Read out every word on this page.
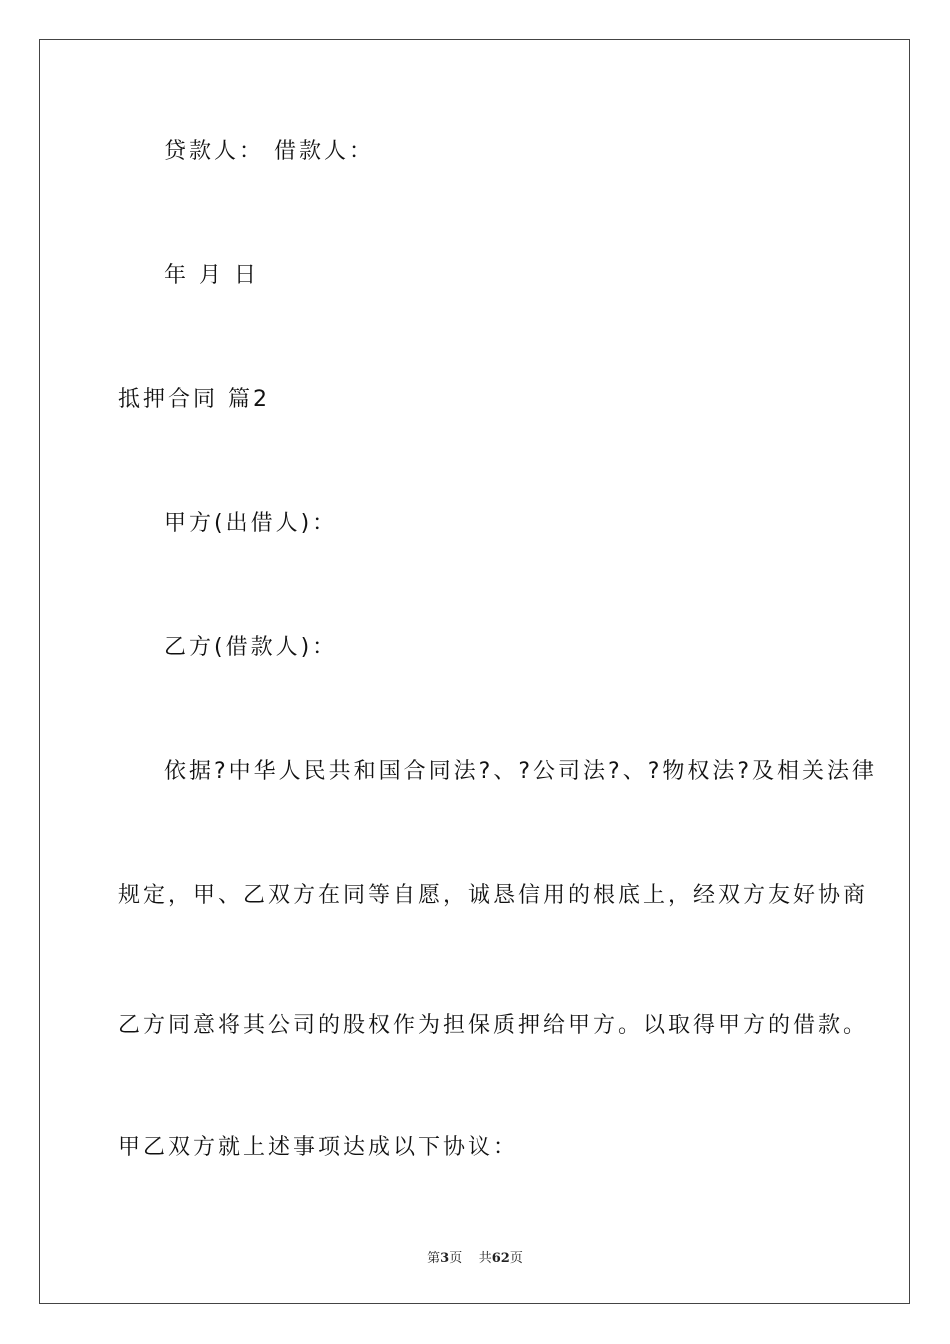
贷款人： 借款人：
年 月 日
抵押合同 篇2
甲方(出借人)：
乙方(借款人)：
依据?中华人民共和国合同法?、?公司法?、?物权法?及相关法律
规定，甲、乙双方在同等自愿，诚恳信用的根底上，经双方友好协商
乙方同意将其公司的股权作为担保质押给甲方。以取得甲方的借款。
甲乙双方就上述事项达成以下协议：
第3页 共62页
